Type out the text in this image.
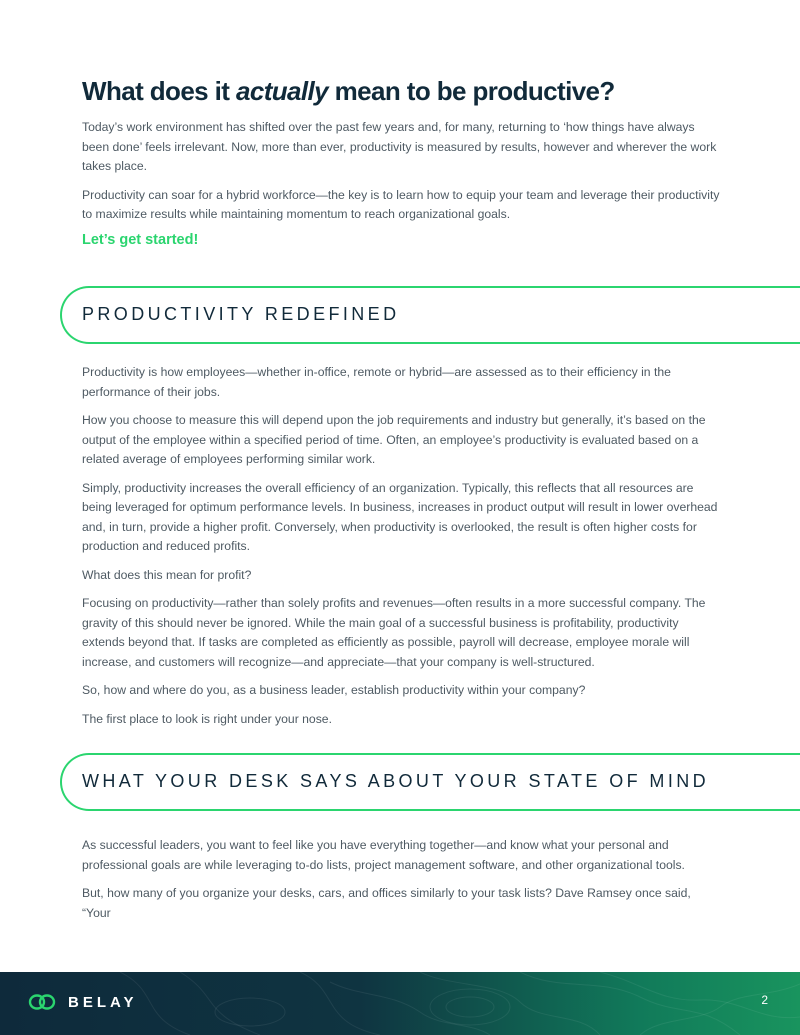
What does it actually mean to be productive?

Today’s work environment has shifted over the past few years and, for many, returning to ‘how things have always been done’ feels irrelevant. Now, more than ever, productivity is measured by results, however and wherever the work takes place.

Productivity can soar for a hybrid workforce—the key is to learn how to equip your team and leverage their productivity to maximize results while maintaining momentum to reach organizational goals.

Let’s get started!
PRODUCTIVITY REDEFINED

Productivity is how employees—whether in-office, remote or hybrid—are assessed as to their efficiency in the performance of their jobs.

How you choose to measure this will depend upon the job requirements and industry but generally, it’s based on the output of the employee within a specified period of time. Often, an employee’s productivity is evaluated based on a related average of employees performing similar work.

Simply, productivity increases the overall efficiency of an organization. Typically, this reflects that all resources are being leveraged for optimum performance levels. In business, increases in product output will result in lower overhead and, in turn, provide a higher profit. Conversely, when productivity is overlooked, the result is often higher costs for production and reduced profits.

What does this mean for profit?

Focusing on productivity—rather than solely profits and revenues—often results in a more successful company. The gravity of this should never be ignored. While the main goal of a successful business is profitability, productivity extends beyond that. If tasks are completed as efficiently as possible, payroll will decrease, employee morale will increase, and customers will recognize—and appreciate—that your company is well-structured.

So, how and where do you, as a business leader, establish productivity within your company?

The first place to look is right under your nose.

WHAT YOUR DESK SAYS ABOUT YOUR STATE OF MIND

As successful leaders, you want to feel like you have everything together—and know what your personal and professional goals are while leveraging to-do lists, project management software, and other organizational tools.

But, how many of you organize your desks, cars, and offices similarly to your task lists? Dave Ramsey once said, “Your

BELAY	2
